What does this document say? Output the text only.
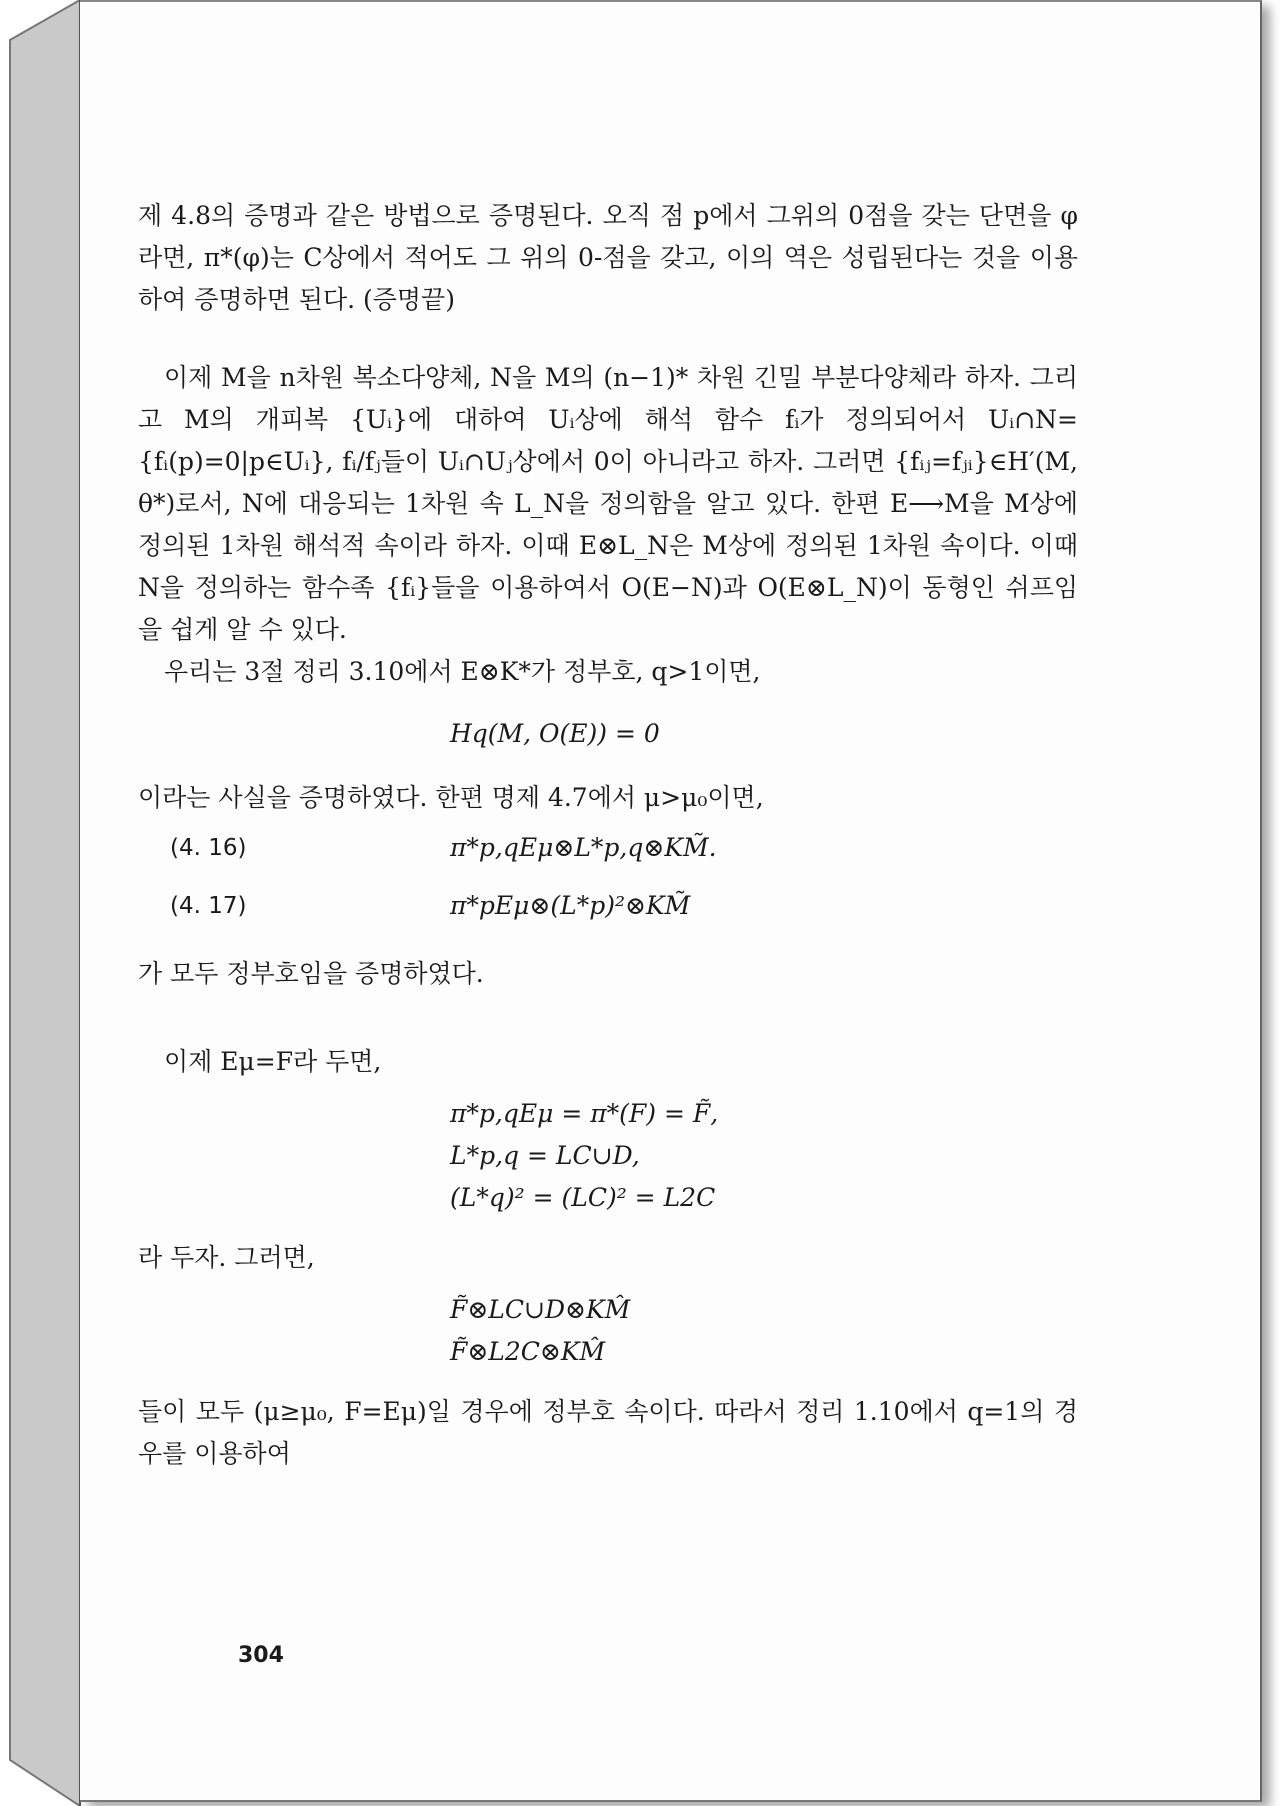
제 4.8의 증명과 같은 방법으로 증명된다. 오직 점 p에서 그위의 0점을 갖는 단면을 φ라면, π*(φ)는 C상에서 적어도 그 위의 0-점을 갖고, 이의 역은 성립된다는 것을 이용하여 증명하면 된다. (증명끝)

이제 M을 n차원 복소다양체, N을 M의 (n−1)* 차원 긴밀 부분다양체라 하자. 그리고 M의 개피복 {Uᵢ}에 대하여 Uᵢ상에 해석 함수 fᵢ가 정의되어서 Uᵢ∩N={fᵢ(p)=0|p∈Uᵢ}, fᵢ/fⱼ들이 Uᵢ∩Uⱼ상에서 0이 아니라고 하자. 그러면 {fᵢⱼ=fⱼᵢ}∈H′(M, θ*)로서, N에 대응되는 1차원 속 L_N을 정의함을 알고 있다. 한편 E⟶M을 M상에 정의된 1차원 해석적 속이라 하자. 이때 E⊗L_N은 M상에 정의된 1차원 속이다. 이때 N을 정의하는 함수족 {fᵢ}들을 이용하여서 O(E−N)과 O(E⊗L_N)이 동형인 쉬프임을 쉽게 알 수 있다.

우리는 3절 정리 3.10에서 E⊗K*가 정부호, q>1이면,

Hq(M, O(E)) = 0

이라는 사실을 증명하였다. 한편 명제 4.7에서 μ>μ₀이면,

(4. 16)	π*p,qEμ⊗L*p,q⊗KM̃.
(4. 17)	π*pEμ⊗(L*p)²⊗KM̃

가 모두 정부호임을 증명하였다.

이제 Eμ=F라 두면,

π*p,qEμ = π*(F) = F̃,
L*p,q = LC∪D,
(L*q)² = (LC)² = L2C

라 두자. 그러면,

F̃⊗LC∪D⊗KM̂
F̃⊗L2C⊗KM̂

들이 모두 (μ≥μ₀, F=Eμ)일 경우에 정부호 속이다. 따라서 정리 1.10에서 q=1의 경우를 이용하여

304
